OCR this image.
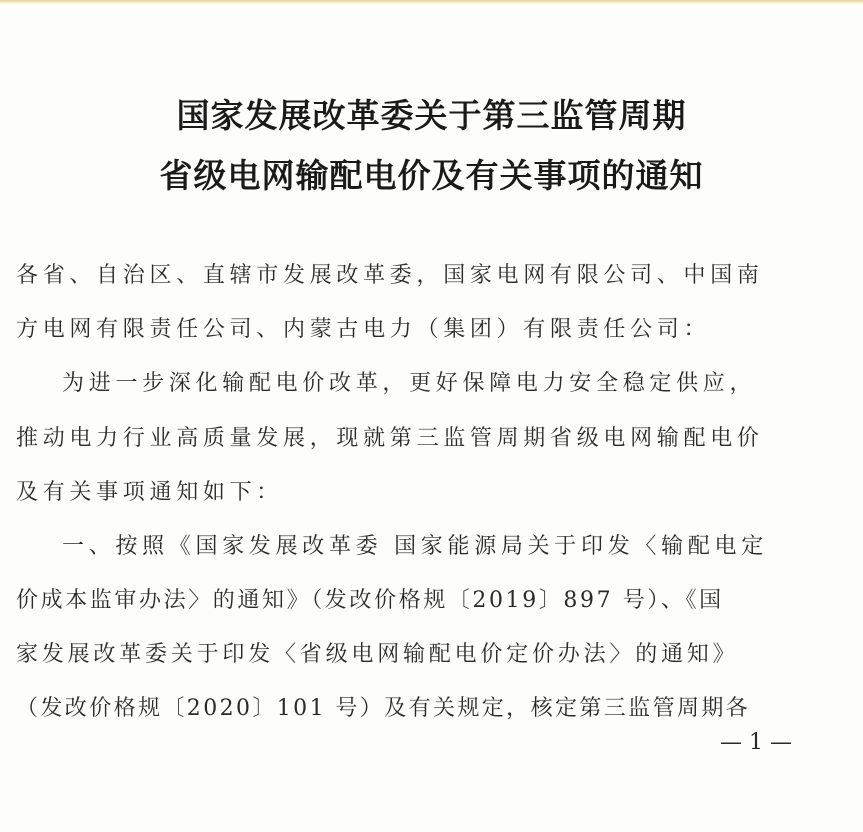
国家发展改革委关于第三监管周期
省级电网输配电价及有关事项的通知
各省、自治区、直辖市发展改革委，国家电网有限公司、中国南
方电网有限责任公司、内蒙古电力（集团）有限责任公司：
为进一步深化输配电价改革，更好保障电力安全稳定供应，
推动电力行业高质量发展，现就第三监管周期省级电网输配电价
及有关事项通知如下：
一、按照《国家发展改革委 国家能源局关于印发〈输配电定
价成本监审办法〉的通知》（发改价格规〔2019〕897 号）、《国
家发展改革委关于印发〈省级电网输配电价定价办法〉的通知》
（发改价格规〔2020〕101 号）及有关规定，核定第三监管周期各
— 1 —
